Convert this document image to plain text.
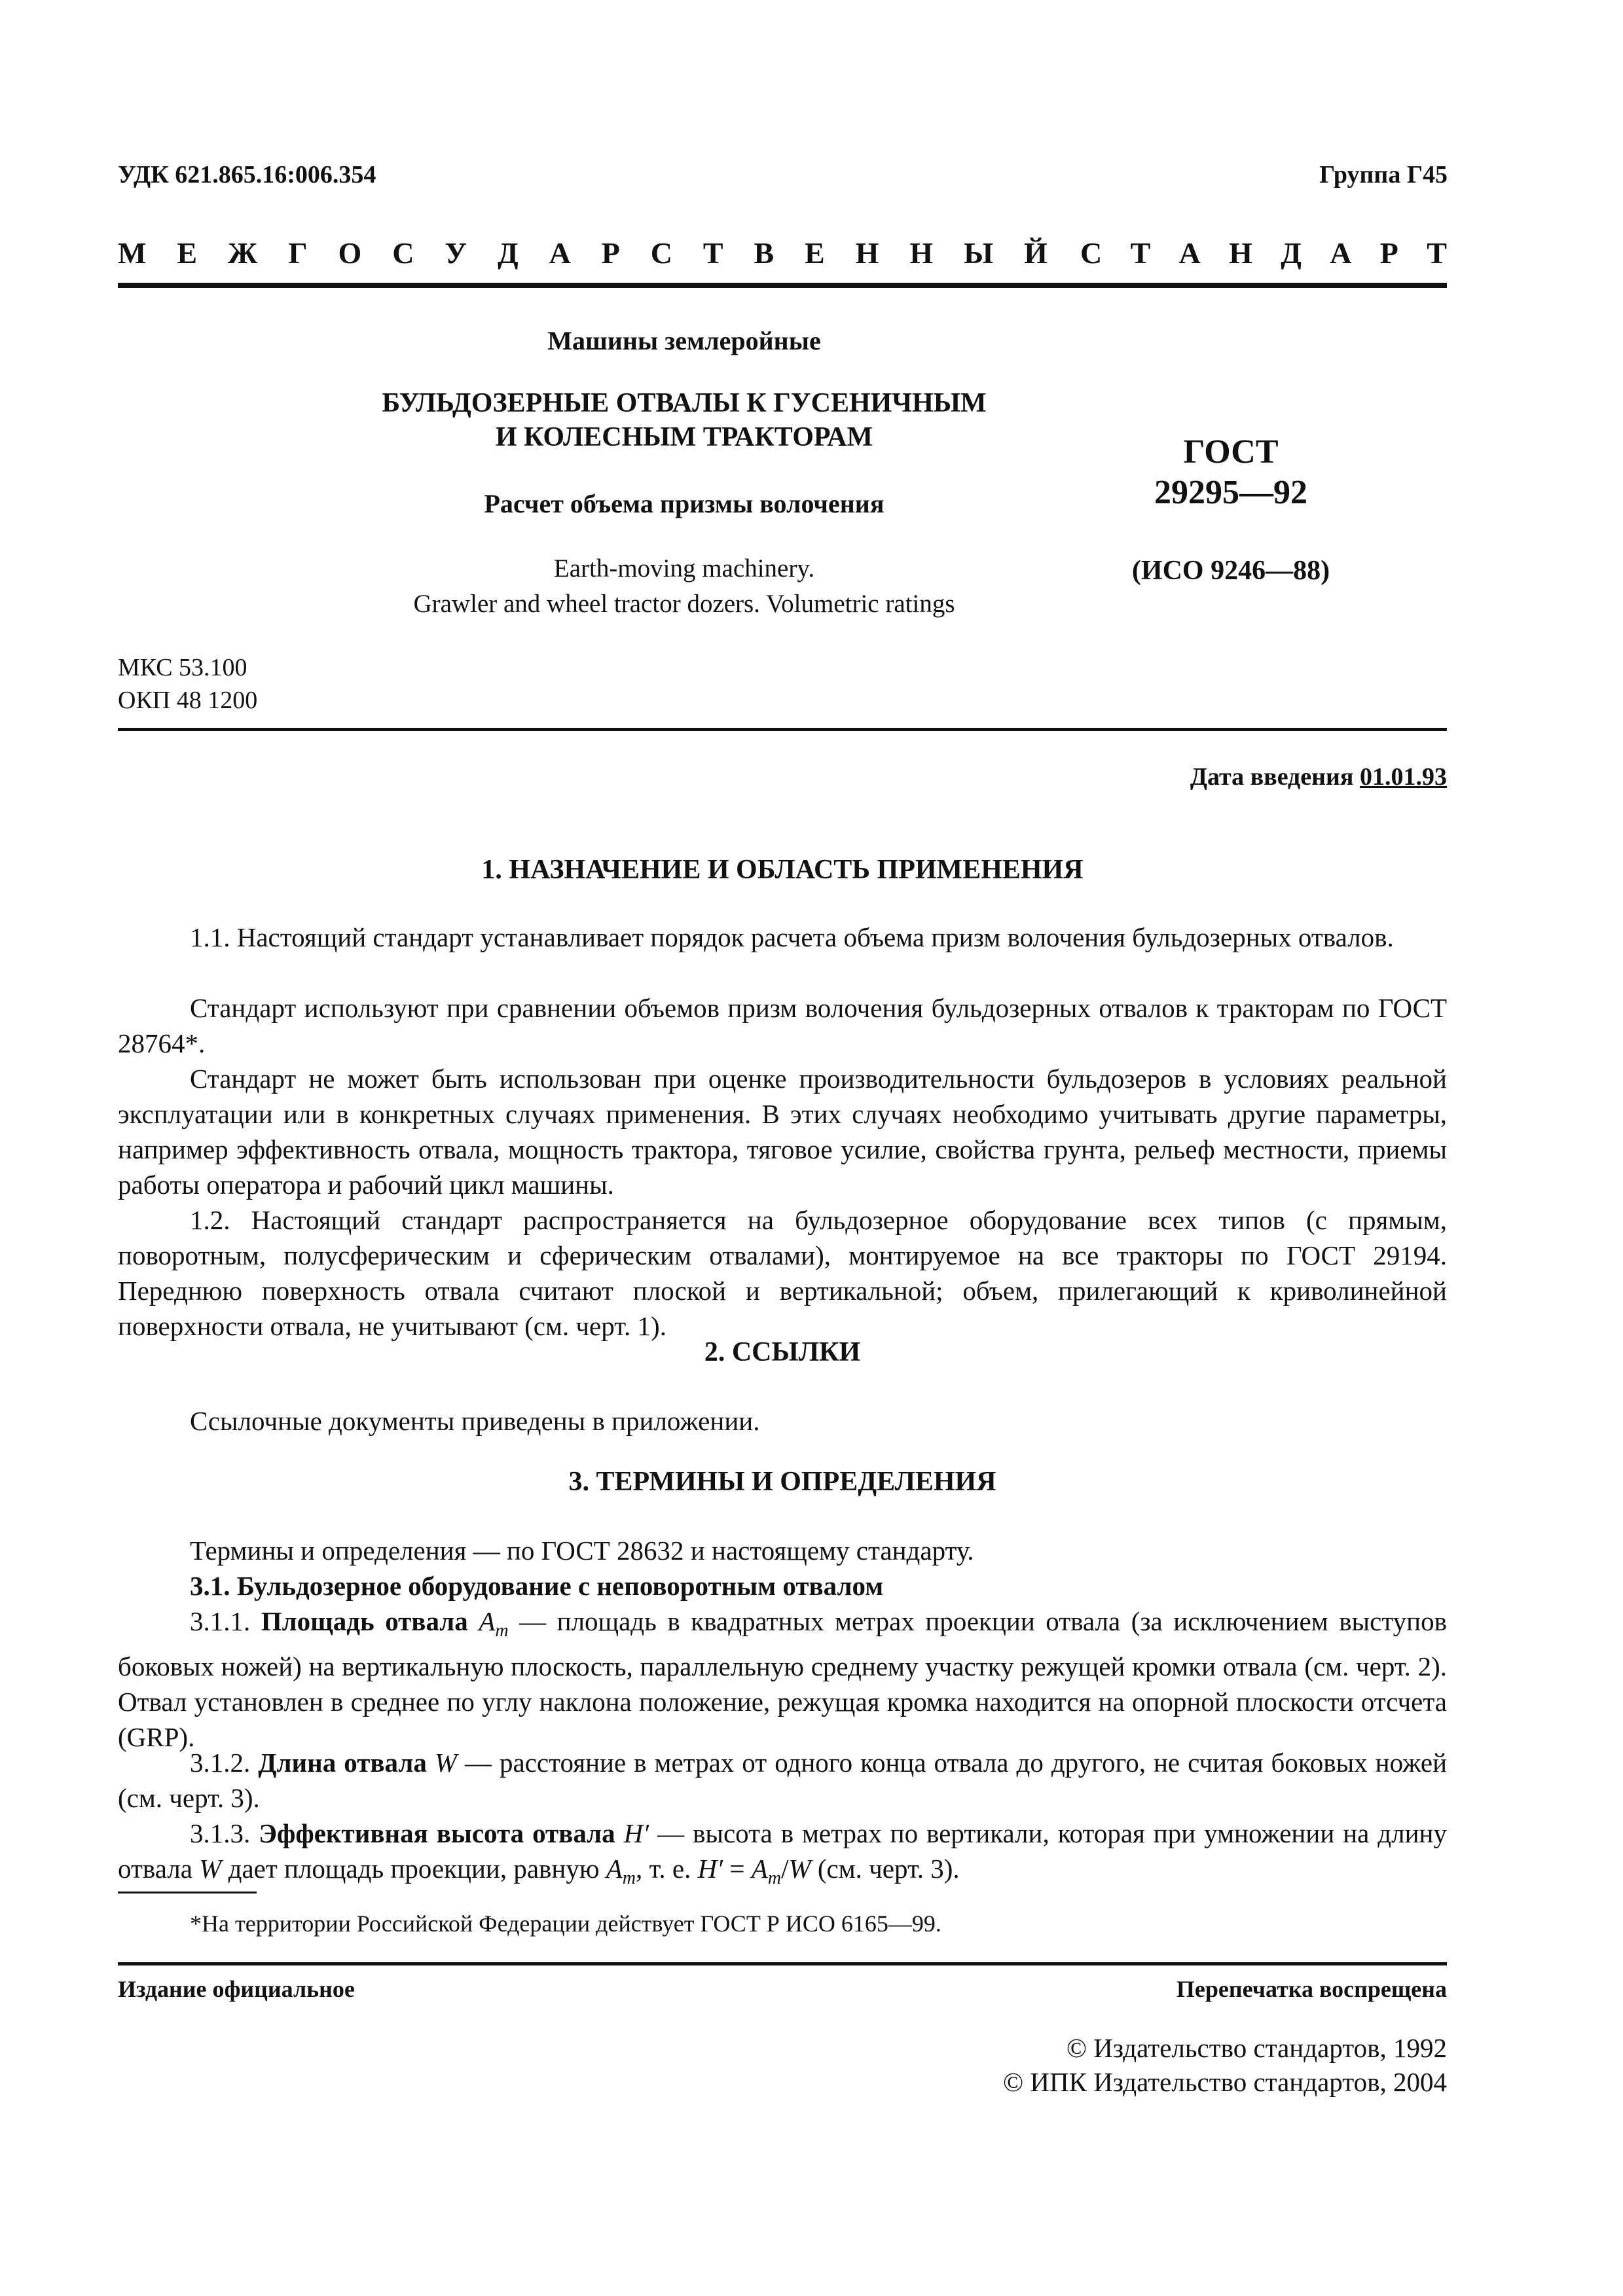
УДК 621.865.16:006.354	Группа Г45
М Е Ж Г О С У Д А Р С Т В Е Н Н Ы Й С Т А Н Д А Р Т
Машины землеройные
БУЛЬДОЗЕРНЫЕ ОТВАЛЫ К ГУСЕНИЧНЫМ
И КОЛЕСНЫМ ТРАКТОРАМ
Расчет объема призмы волочения
Earth-moving machinery.
Grawler and wheel tractor dozers. Volumetric ratings
ГОСТ
29295—92
(ИСО 9246—88)
МКС 53.100
ОКП 48 1200
Дата введения 01.01.93
1. НАЗНАЧЕНИЕ И ОБЛАСТЬ ПРИМЕНЕНИЯ
1.1. Настоящий стандарт устанавливает порядок расчета объема призм волочения бульдозерных отвалов.
Стандарт используют при сравнении объемов призм волочения бульдозерных отвалов к тракторам по ГОСТ 28764*.
Стандарт не может быть использован при оценке производительности бульдозеров в условиях реальной эксплуатации или в конкретных случаях применения. В этих случаях необходимо учитывать другие параметры, например эффективность отвала, мощность трактора, тяговое усилие, свойства грунта, рельеф местности, приемы работы оператора и рабочий цикл машины.
1.2. Настоящий стандарт распространяется на бульдозерное оборудование всех типов (с прямым, поворотным, полусферическим и сферическим отвалами), монтируемое на все тракторы по ГОСТ 29194. Переднюю поверхность отвала считают плоской и вертикальной; объем, прилегающий к криволинейной поверхности отвала, не учитывают (см. черт. 1).
2. ССЫЛКИ
Ссылочные документы приведены в приложении.
3. ТЕРМИНЫ И ОПРЕДЕЛЕНИЯ
Термины и определения — по ГОСТ 28632 и настоящему стандарту.
3.1. Бульдозерное оборудование с неповоротным отвалом
3.1.1. Площадь отвала $A_m$ — площадь в квадратных метрах проекции отвала (за исключением выступов боковых ножей) на вертикальную плоскость, параллельную среднему участку режущей кромки отвала (см. черт. 2). Отвал установлен в среднее по углу наклона положение, режущая кромка находится на опорной плоскости отсчета (GRP).
3.1.2. Длина отвала W — расстояние в метрах от одного конца отвала до другого, не считая боковых ножей (см. черт. 3).
3.1.3. Эффективная высота отвала H′ — высота в метрах по вертикали, которая при умножении на длину отвала W дает площадь проекции, равную $A_m$, т. е. $H' = A_m/W$ (см. черт. 3).
*На территории Российской Федерации действует ГОСТ Р ИСО 6165—99.
Издание официальное	Перепечатка воспрещена
© Издательство стандартов, 1992
© ИПК Издательство стандартов, 2004
